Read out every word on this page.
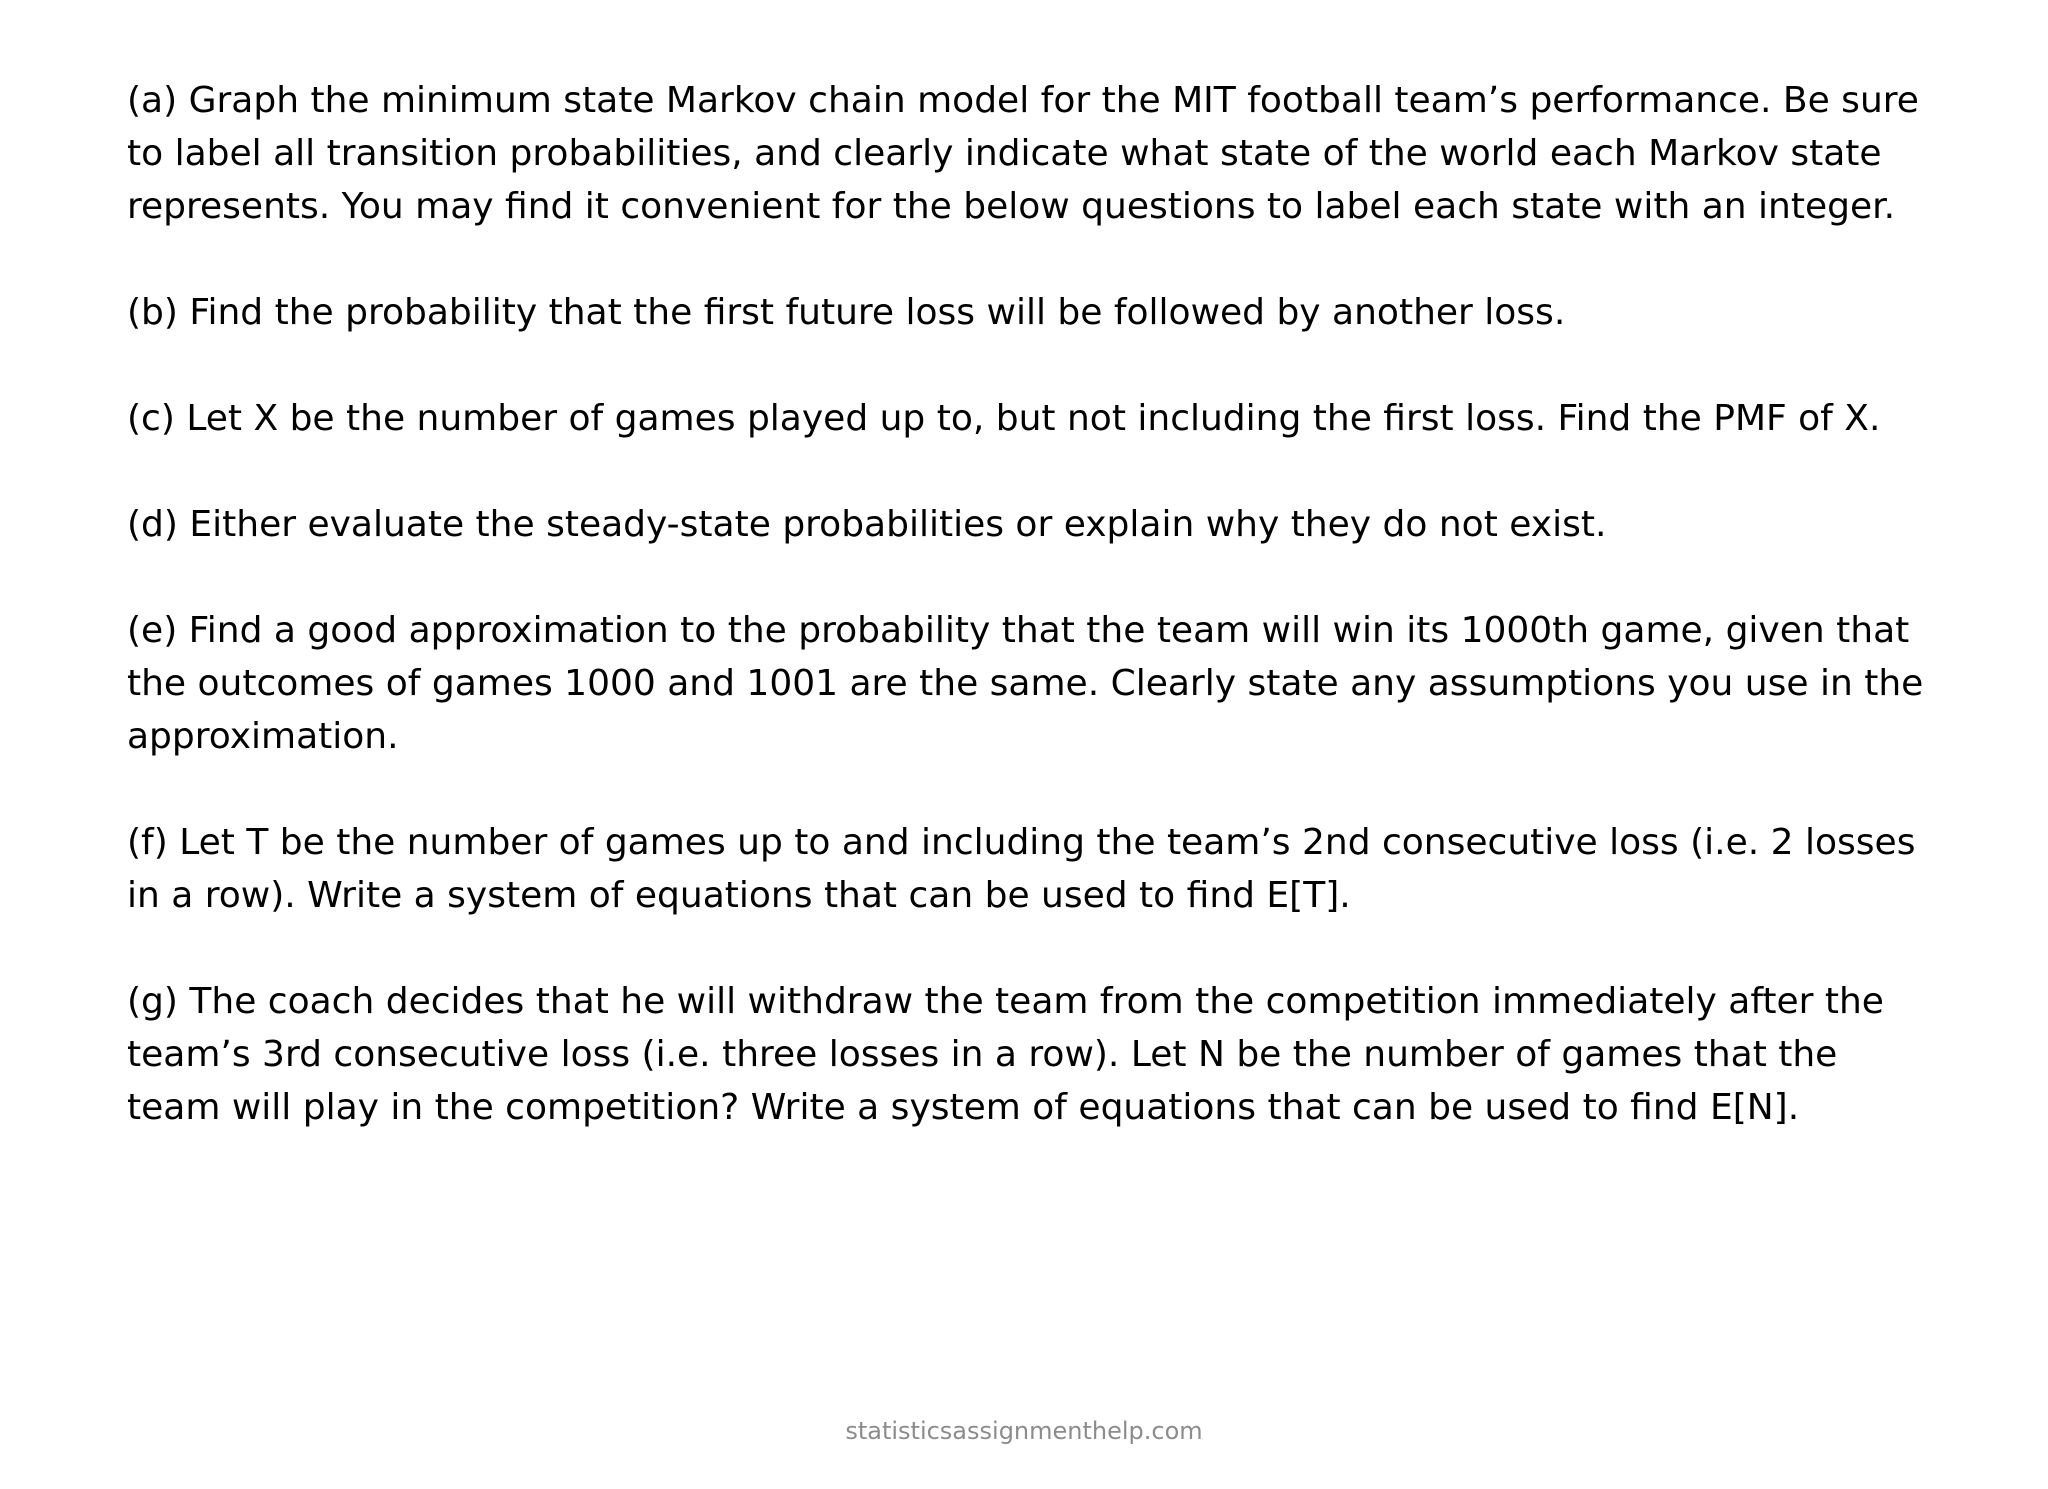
(a) Graph the minimum state Markov chain model for the MIT football team’s performance. Be sure to label all transition probabilities, and clearly indicate what state of the world each Markov state represents. You may find it convenient for the below questions to label each state with an integer.

(b) Find the probability that the first future loss will be followed by another loss.

(c) Let X be the number of games played up to, but not including the first loss. Find the PMF of X.

(d) Either evaluate the steady-state probabilities or explain why they do not exist.

(e) Find a good approximation to the probability that the team will win its 1000th game, given that the outcomes of games 1000 and 1001 are the same. Clearly state any assumptions you use in the approximation.

(f) Let T be the number of games up to and including the team’s 2nd consecutive loss (i.e. 2 losses in a row). Write a system of equations that can be used to find E[T].

(g) The coach decides that he will withdraw the team from the competition immediately after the team’s 3rd consecutive loss (i.e. three losses in a row). Let N be the number of games that the team will play in the competition? Write a system of equations that can be used to find E[N].

statisticsassignmenthelp.com
